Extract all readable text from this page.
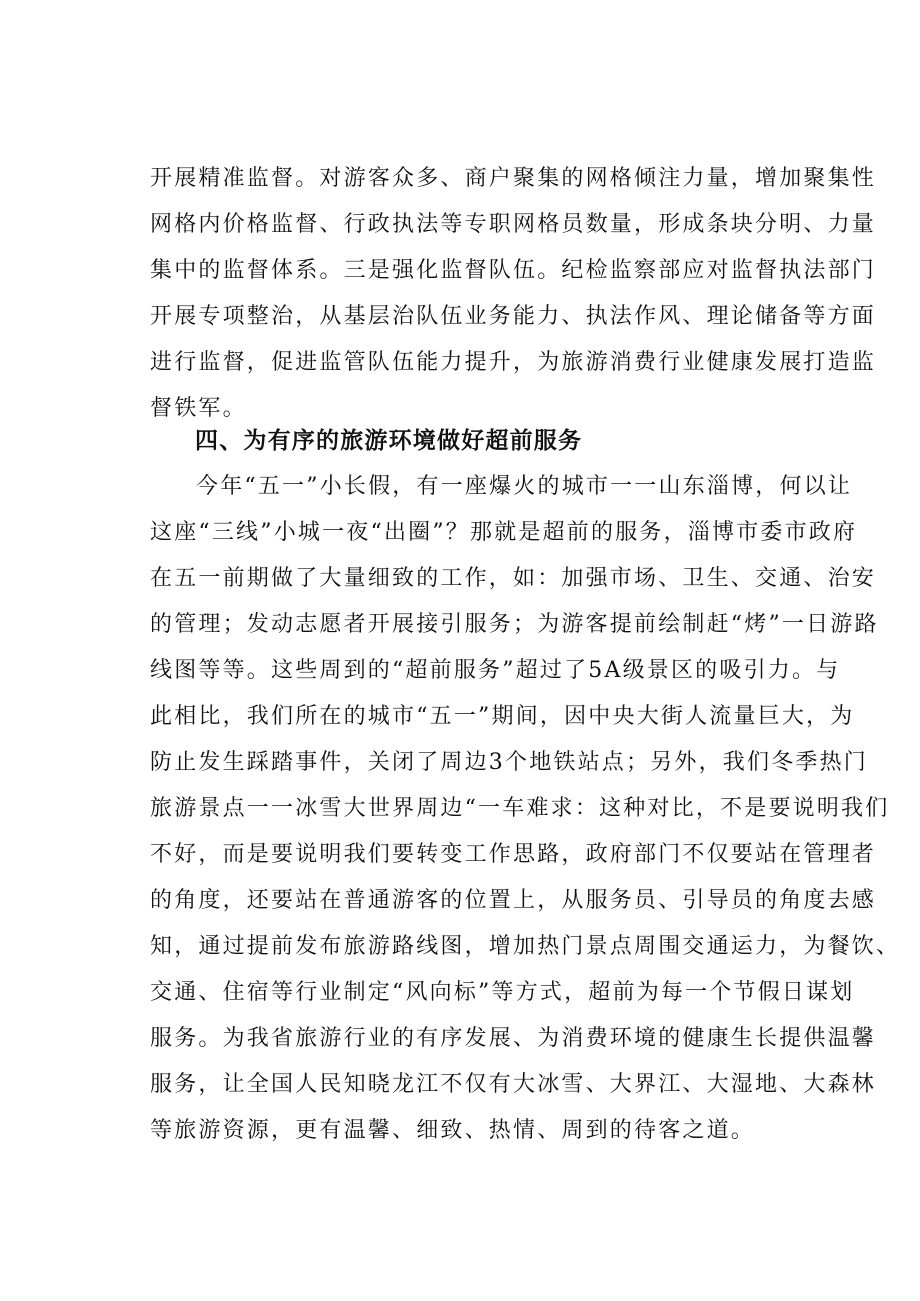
开展精准监督。对游客众多、商户聚集的网格倾注力量，增加聚集性
网格内价格监督、行政执法等专职网格员数量，形成条块分明、力量
集中的监督体系。三是强化监督队伍。纪检监察部应对监督执法部门
开展专项整治，从基层治队伍业务能力、执法作风、理论储备等方面
进行监督，促进监管队伍能力提升，为旅游消费行业健康发展打造监
督铁军。
四、为有序的旅游环境做好超前服务
今年“五一”小长假，有一座爆火的城市一一山东淄博，何以让
这座“三线”小城一夜“出圈”？那就是超前的服务，淄博市委市政府
在五一前期做了大量细致的工作，如：加强市场、卫生、交通、治安
的管理；发动志愿者开展接引服务；为游客提前绘制赶“烤”一日游路
线图等等。这些周到的“超前服务”超过了5A级景区的吸引力。与
此相比，我们所在的城市“五一”期间，因中央大街人流量巨大，为
防止发生踩踏事件，关闭了周边3个地铁站点；另外，我们冬季热门
旅游景点一一冰雪大世界周边“一车难求：这种对比，不是要说明我们
不好，而是要说明我们要转变工作思路，政府部门不仅要站在管理者
的角度，还要站在普通游客的位置上，从服务员、引导员的角度去感
知，通过提前发布旅游路线图，增加热门景点周围交通运力，为餐饮、
交通、住宿等行业制定“风向标”等方式，超前为每一个节假日谋划
服务。为我省旅游行业的有序发展、为消费环境的健康生长提供温馨
服务，让全国人民知晓龙江不仅有大冰雪、大界江、大湿地、大森林
等旅游资源，更有温馨、细致、热情、周到的待客之道。
